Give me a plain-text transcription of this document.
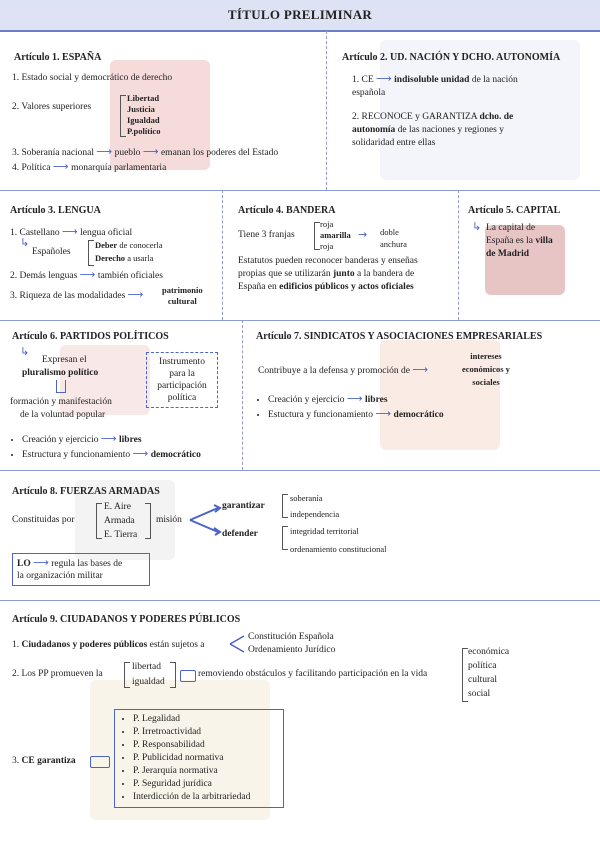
TÍTULO PRELIMINAR
Artículo 1. ESPAÑA
1. Estado social y democrático de derecho
2. Valores superiores
Libertad
Justicia
Igualdad
P.político
3. Soberanía nacional ⟶ pueblo ⟶ emanan los poderes del Estado
4. Política ⟶ monarquía parlamentaria
Artículo 2. UD. NACIÓN Y DCHO. AUTONOMÍA
1. CE ⟶ indisoluble unidad de la nación
española
2. RECONOCE y GARANTIZA dcho. de
autonomía de las naciones y regiones y
solidaridad entre ellas
Artículo 3. LENGUA
1. Castellano ⟶ lengua oficial
↳
Españoles
Deber de conocerla
Derecho a usarla
2. Demás lenguas ⟶ también oficiales
3. Riqueza de las modalidades ⟶ patrimonio
cultural
Artículo 4. BANDERA
Tiene 3 franjas
roja
amarilla
roja
→ doble
anchura
Estatutos pueden reconocer banderas y enseñas
propias que se utilizarán junto a la bandera de
España en edificios públicos y actos oficiales
Artículo 5. CAPITAL
↳ La capital de
España es la villa
de Madrid
Artículo 6. PARTIDOS POLÍTICOS
↳
Expresan el
pluralismo político
formación y manifestación
de la voluntad popular
Instrumento
para la
participación
política
• Creación y ejercicio ⟶ libres
• Estructura y funcionamiento ⟶ democrático
Artículo 7. SINDICATOS Y ASOCIACIONES EMPRESARIALES
Contribuye a la defensa y promoción de ⟶
intereses
económicos y
sociales
• Creación y ejercicio ⟶ libres
• Estuctura y funcionamiento ⟶ democrático
Artículo 8. FUERZAS ARMADAS
Constituidas por
E. Aire
Armada
E. Tierra
misión
garantizar
defender
soberanía
independencia
integridad territorial
ordenamiento constitucional
LO ⟶ regula las bases de
la organización militar
Artículo 9. CIUDADANOS Y PODERES PÚBLICOS
1. Ciudadanos y poderes públicos están sujetos a
Constitución Española
Ordenamiento Jurídico
2. Los PP promueven la
libertad
igualdad
removiendo obstáculos y facilitando participación en la vida
económica
política
cultural
social
3. CE garantiza
• P. Legalidad
• P. Irretroactividad
• P. Responsabilidad
• P. Publicidad normativa
• P. Jerarquía normativa
• P. Seguridad jurídica
• Interdicción de la arbitrariedad
